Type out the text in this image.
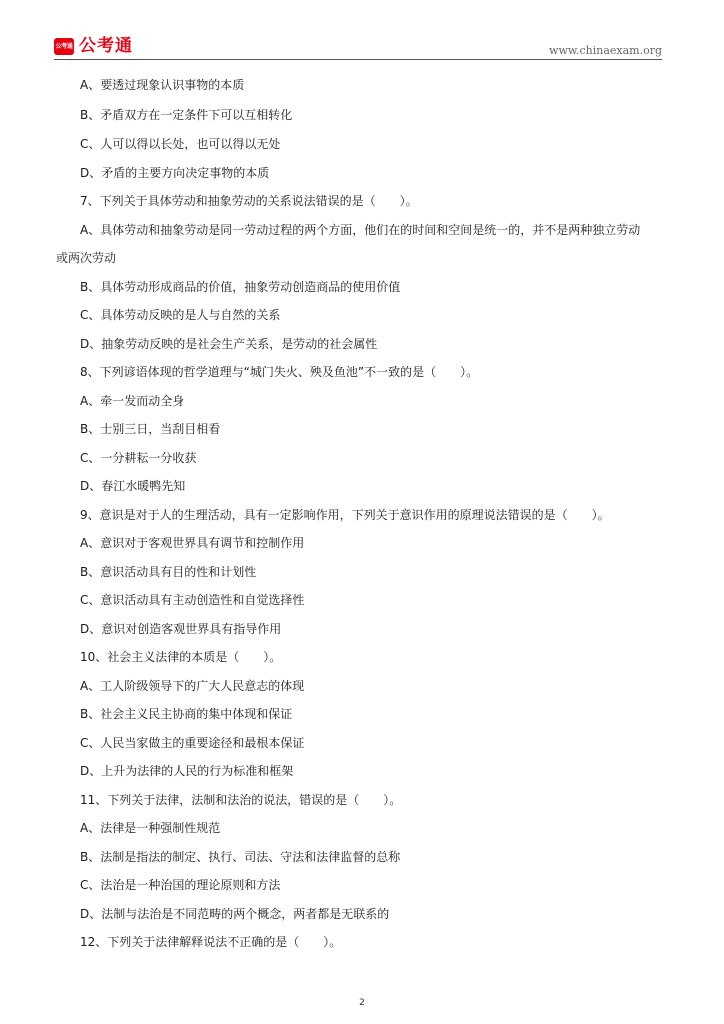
公考通 公考通	www.chinaexam.org
A、要透过现象认识事物的本质
B、矛盾双方在一定条件下可以互相转化
C、人可以得以长处，也可以得以无处
D、矛盾的主要方向决定事物的本质
7、下列关于具体劳动和抽象劳动的关系说法错误的是（　　）。
A、具体劳动和抽象劳动是同一劳动过程的两个方面，他们在的时间和空间是统一的，并不是两种独立劳动
或两次劳动
B、具体劳动形成商品的价值，抽象劳动创造商品的使用价值
C、具体劳动反映的是人与自然的关系
D、抽象劳动反映的是社会生产关系，是劳动的社会属性
8、下列谚语体现的哲学道理与“城门失火、殃及鱼池”不一致的是（　　）。
A、牵一发而动全身
B、士别三日，当刮目相看
C、一分耕耘一分收获
D、春江水暖鸭先知
9、意识是对于人的生理活动，具有一定影响作用，下列关于意识作用的原理说法错误的是（　　）。
A、意识对于客观世界具有调节和控制作用
B、意识活动具有目的性和计划性
C、意识活动具有主动创造性和自觉选择性
D、意识对创造客观世界具有指导作用
10、社会主义法律的本质是（　　）。
A、工人阶级领导下的广大人民意志的体现
B、社会主义民主协商的集中体现和保证
C、人民当家做主的重要途径和最根本保证
D、上升为法律的人民的行为标准和框架
11、下列关于法律，法制和法治的说法，错误的是（　　）。
A、法律是一种强制性规范
B、法制是指法的制定、执行、司法、守法和法律监督的总称
C、法治是一种治国的理论原则和方法
D、法制与法治是不同范畴的两个概念，两者都是无联系的
12、下列关于法律解释说法不正确的是（　　）。
2
